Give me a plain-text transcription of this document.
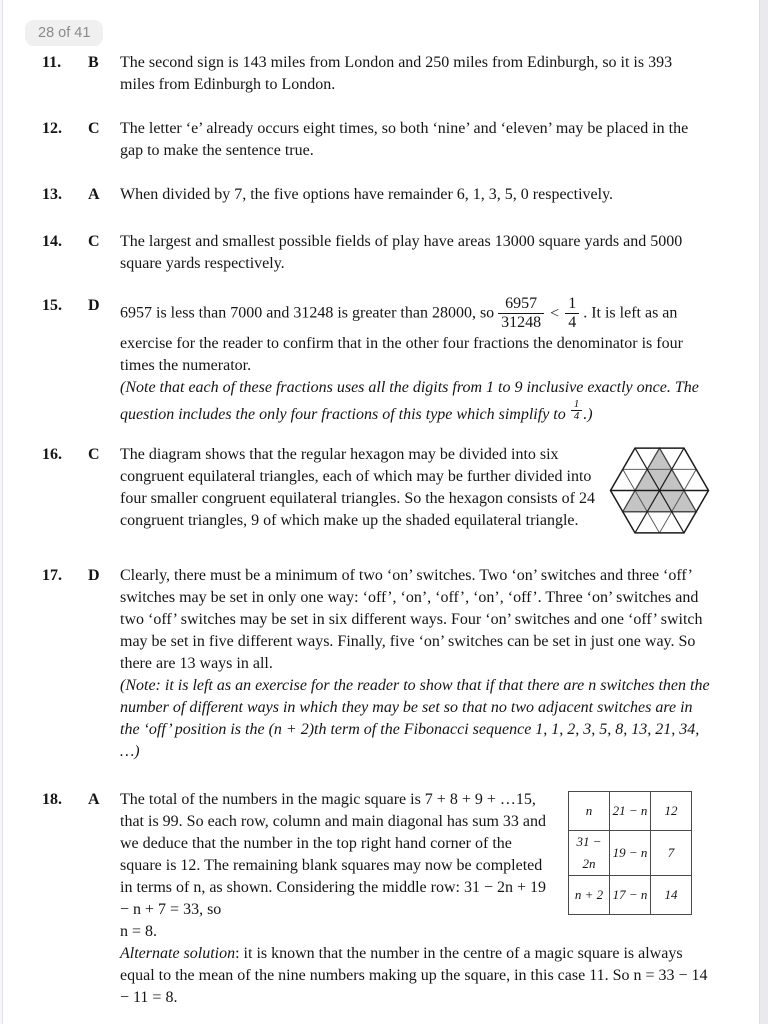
28 of 41
11.	B	The second sign is 143 miles from London and 250 miles from Edinburgh, so it is 393 miles from Edinburgh to London.

12.	C	The letter ‘e’ already occurs eight times, so both ‘nine’ and ‘eleven’ may be placed in the gap to make the sentence true.

13.	A	When divided by 7, the five options have remainder 6, 1, 3, 5, 0 respectively.

14.	C	The largest and smallest possible fields of play have areas 13000 square yards and 5000 square yards respectively.

15.	D	6957 is less than 7000 and 31248 is greater than 28000, so $\frac{6957}{31248} < \frac{1}{4}$ . It is left as an exercise for the reader to confirm that in the other four fractions the denominator is four times the numerator.

(Note that each of these fractions uses all the digits from 1 to 9 inclusive exactly once. The question includes the only four fractions of this type which simplify to $\frac{1}{4}$ .)

16.	C	The diagram shows that the regular hexagon may be divided into six congruent equilateral triangles, each of which may be further divided into four smaller congruent equilateral triangles. So the hexagon consists of 24 congruent triangles, 9 of which make up the shaded equilateral triangle.

17.	D	Clearly, there must be a minimum of two ‘on’ switches. Two ‘on’ switches and three ‘off’ switches may be set in only one way: ‘off’, ‘on’, ‘off’, ‘on’, ‘off’. Three ‘on’ switches and two ‘off’ switches may be set in six different ways. Four ‘on’ switches and one ‘off’ switch may be set in five different ways. Finally, five ‘on’ switches can be set in just one way. So there are 13 ways in all.

(Note: it is left as an exercise for the reader to show that if that there are n switches then the number of different ways in which they may be set so that no two adjacent switches are in the ‘off’ position is the (n + 2)th term of the Fibonacci sequence 1, 1, 2, 3, 5, 8, 13, 21, 34, …)

18.	A
n	21 − n	12
31 − 2n	19 − n	7
n + 2	17 − n	14

The total of the numbers in the magic square is 7 + 8 + 9 + …15, that is 99. So each row, column and main diagonal has sum 33 and we deduce that the number in the top right hand corner of the square is 12. The remaining blank squares may now be completed in terms of n, as shown. Considering the middle row: 31 − 2n + 19 − n + 7 = 33, so

n = 8.

Alternate solution: it is known that the number in the centre of a magic square is always equal to the mean of the nine numbers making up the square, in this case 11. So n = 33 − 14 − 11 = 8.
